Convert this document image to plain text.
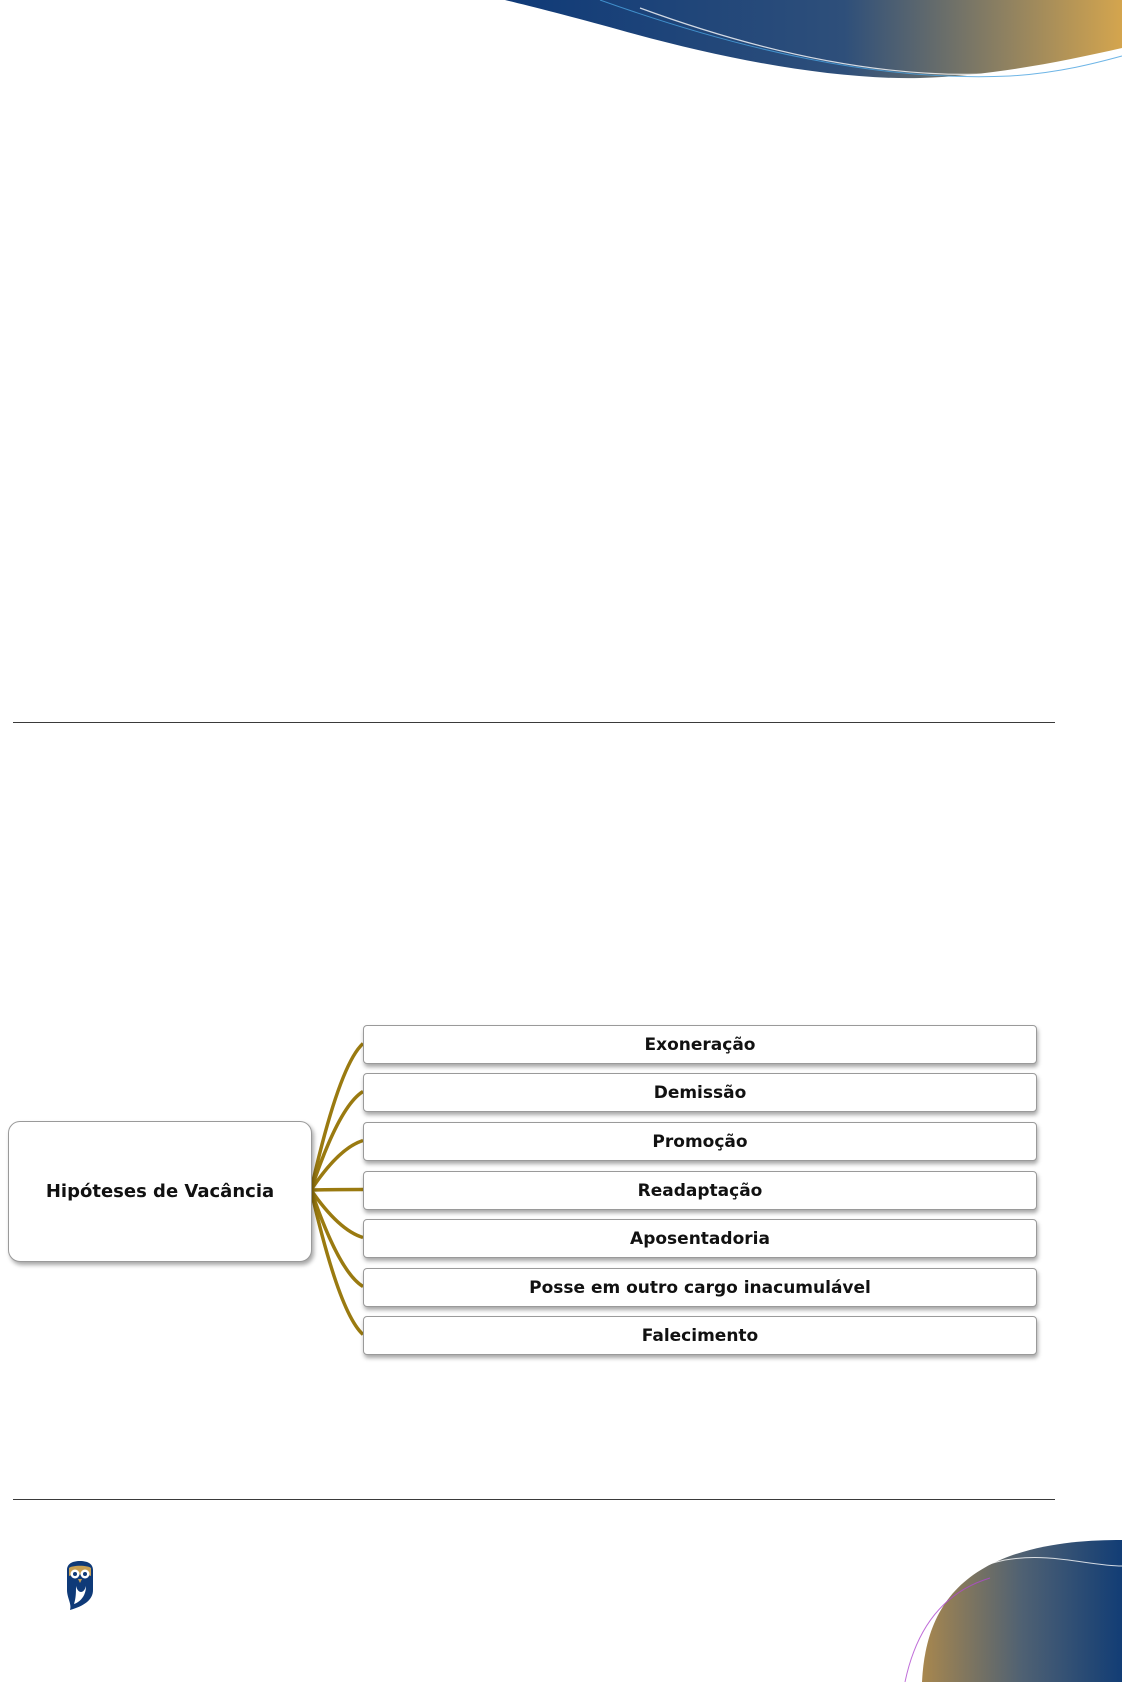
Hipóteses de Vacância
Exoneração
Demissão
Promoção
Readaptação
Aposentadoria
Posse em outro cargo inacumulável
Falecimento
